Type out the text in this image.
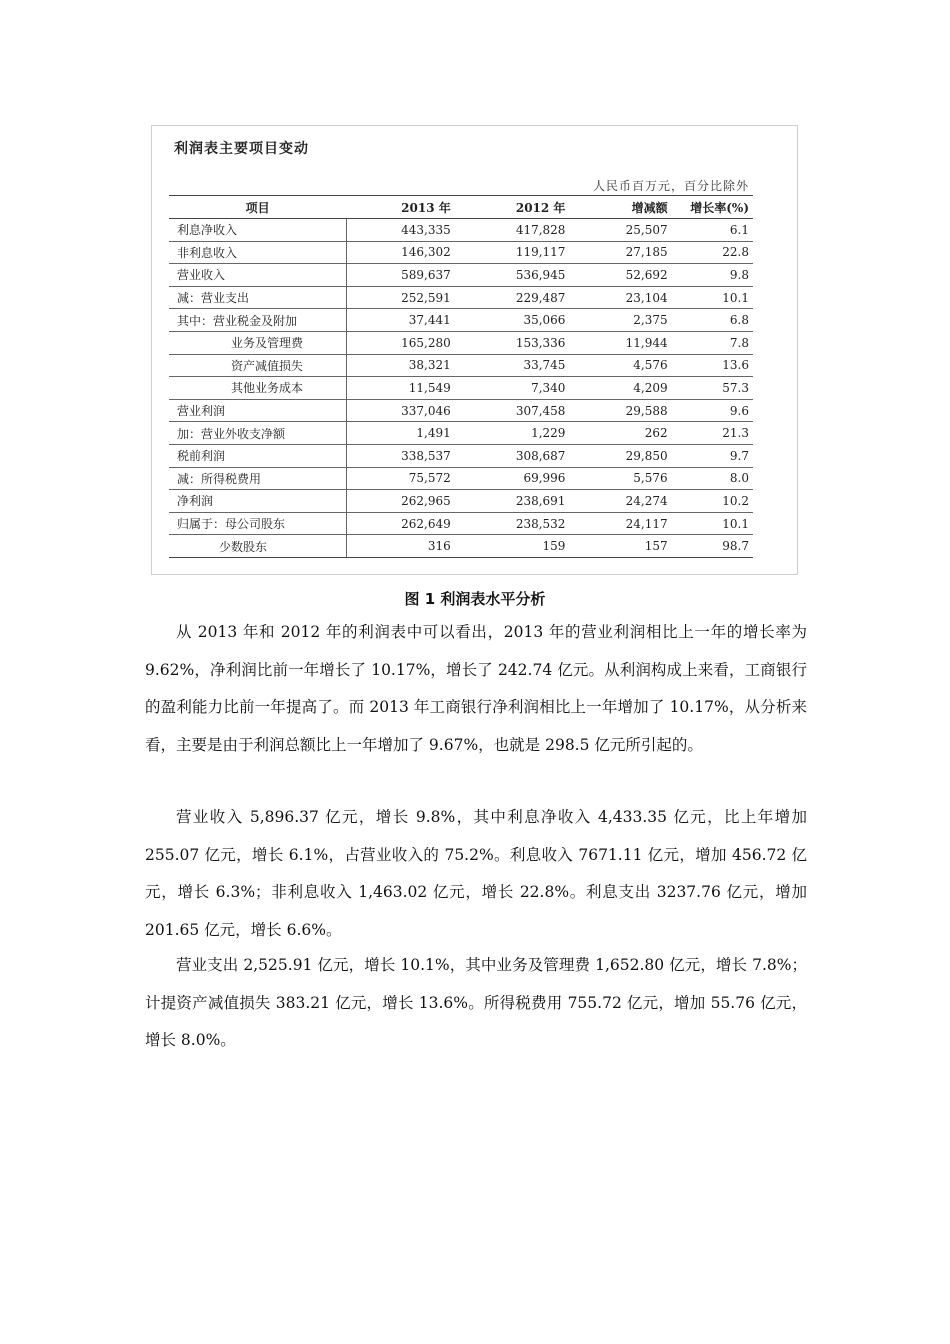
利润表主要项目变动
人民币百万元，百分比除外
项目	2013 年	2012 年	增减额	增长率(%)
利息净收入	443,335	417,828	25,507	6.1
非利息收入	146,302	119,117	27,185	22.8
营业收入	589,637	536,945	52,692	9.8
减：营业支出	252,591	229,487	23,104	10.1
其中：营业税金及附加	37,441	35,066	2,375	6.8
业务及管理费	165,280	153,336	11,944	7.8
资产减值损失	38,321	33,745	4,576	13.6
其他业务成本	11,549	7,340	4,209	57.3
营业利润	337,046	307,458	29,588	9.6
加：营业外收支净额	1,491	1,229	262	21.3
税前利润	338,537	308,687	29,850	9.7
减：所得税费用	75,572	69,996	5,576	8.0
净利润	262,965	238,691	24,274	10.2
归属于：母公司股东	262,649	238,532	24,117	10.1
少数股东	316	159	157	98.7
图 1 利润表水平分析

从 2013 年和 2012 年的利润表中可以看出，2013 年的营业利润相比上一年的增长率为 9.62%，净利润比前一年增长了 10.17%，增长了 242.74 亿元。从利润构成上来看，工商银行的盈利能力比前一年提高了。而 2013 年工商银行净利润相比上一年增加了 10.17%，从分析来看，主要是由于利润总额比上一年增加了 9.67%，也就是 298.5 亿元所引起的。

营业收入 5,896.37 亿元，增长 9.8%，其中利息净收入 4,433.35 亿元，比上年增加 255.07 亿元，增长 6.1%，占营业收入的 75.2%。利息收入 7671.11 亿元，增加 456.72 亿元，增长 6.3%；非利息收入 1,463.02 亿元，增长 22.8%。利息支出 3237.76 亿元，增加 201.65 亿元，增长 6.6%。

营业支出 2,525.91 亿元，增长 10.1%，其中业务及管理费 1,652.80 亿元，增长 7.8%；计提资产减值损失 383.21 亿元，增长 13.6%。所得税费用 755.72 亿元，增加 55.76 亿元，增长 8.0%。
